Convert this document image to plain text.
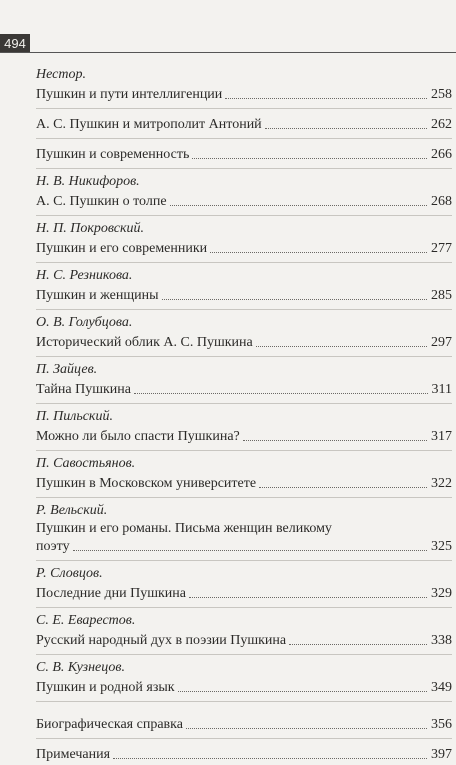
494
Нестор.
Пушкин и пути интеллигенции	258
А. С. Пушкин и митрополит Антоний	262
Пушкин и современность	266
Н. В. Никифоров.
А. С. Пушкин о толпе	268
Н. П. Покровский.
Пушкин и его современники	277
Н. С. Резникова.
Пушкин и женщины	285
О. В. Голубцова.
Исторический облик А. С. Пушкина	297
П. Зайцев.
Тайна Пушкина	311
П. Пильский.
Можно ли было спасти Пушкина?	317
П. Савостьянов.
Пушкин в Московском университете	322
Р. Вельский.
Пушкин и его романы. Письма женщин великому
поэту	325
Р. Словцов.
Последние дни Пушкина	329
С. Е. Еварестов.
Русский народный дух в поэзии Пушкина	338
С. В. Кузнецов.
Пушкин и родной язык	349
Биографическая справка	356
Примечания	397
